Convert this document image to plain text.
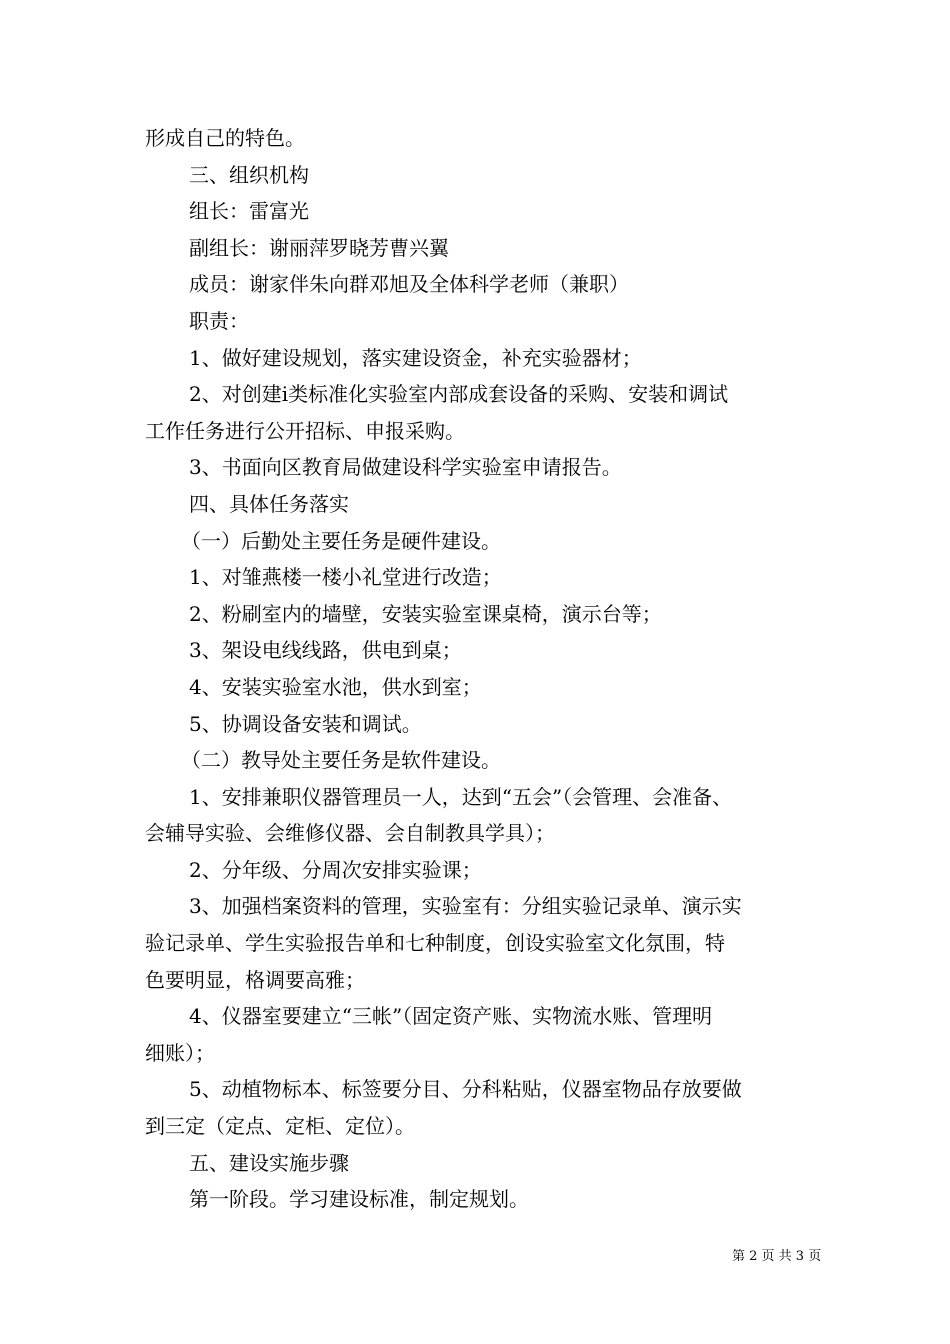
形成自己的特色。

三、组织机构

组长：雷富光

副组长：谢丽萍罗晓芳曹兴翼

成员：谢家伴朱向群邓旭及全体科学老师（兼职）

职责：

1、做好建设规划，落实建设资金，补充实验器材；

2、对创建ⅰ类标准化实验室内部成套设备的采购、安装和调试

工作任务进行公开招标、申报采购。

3、书面向区教育局做建设科学实验室申请报告。

四、具体任务落实

（一）后勤处主要任务是硬件建设。

1、对雏燕楼一楼小礼堂进行改造；

2、粉刷室内的墙壁，安装实验室课桌椅，演示台等；

3、架设电线线路，供电到桌；

4、安装实验室水池，供水到室；

5、协调设备安装和调试。

（二）教导处主要任务是软件建设。

1、安排兼职仪器管理员一人，达到“五会”（会管理、会准备、

会辅导实验、会维修仪器、会自制教具学具）；

2、分年级、分周次安排实验课；

3、加强档案资料的管理，实验室有：分组实验记录单、演示实

验记录单、学生实验报告单和七种制度，创设实验室文化氛围，特

色要明显，格调要高雅；

4、仪器室要建立“三帐”（固定资产账、实物流水账、管理明

细账）；

5、动植物标本、标签要分目、分科粘贴，仪器室物品存放要做

到三定（定点、定柜、定位）。

五、建设实施步骤

第一阶段。学习建设标准，制定规划。

第 2 页 共 3 页
